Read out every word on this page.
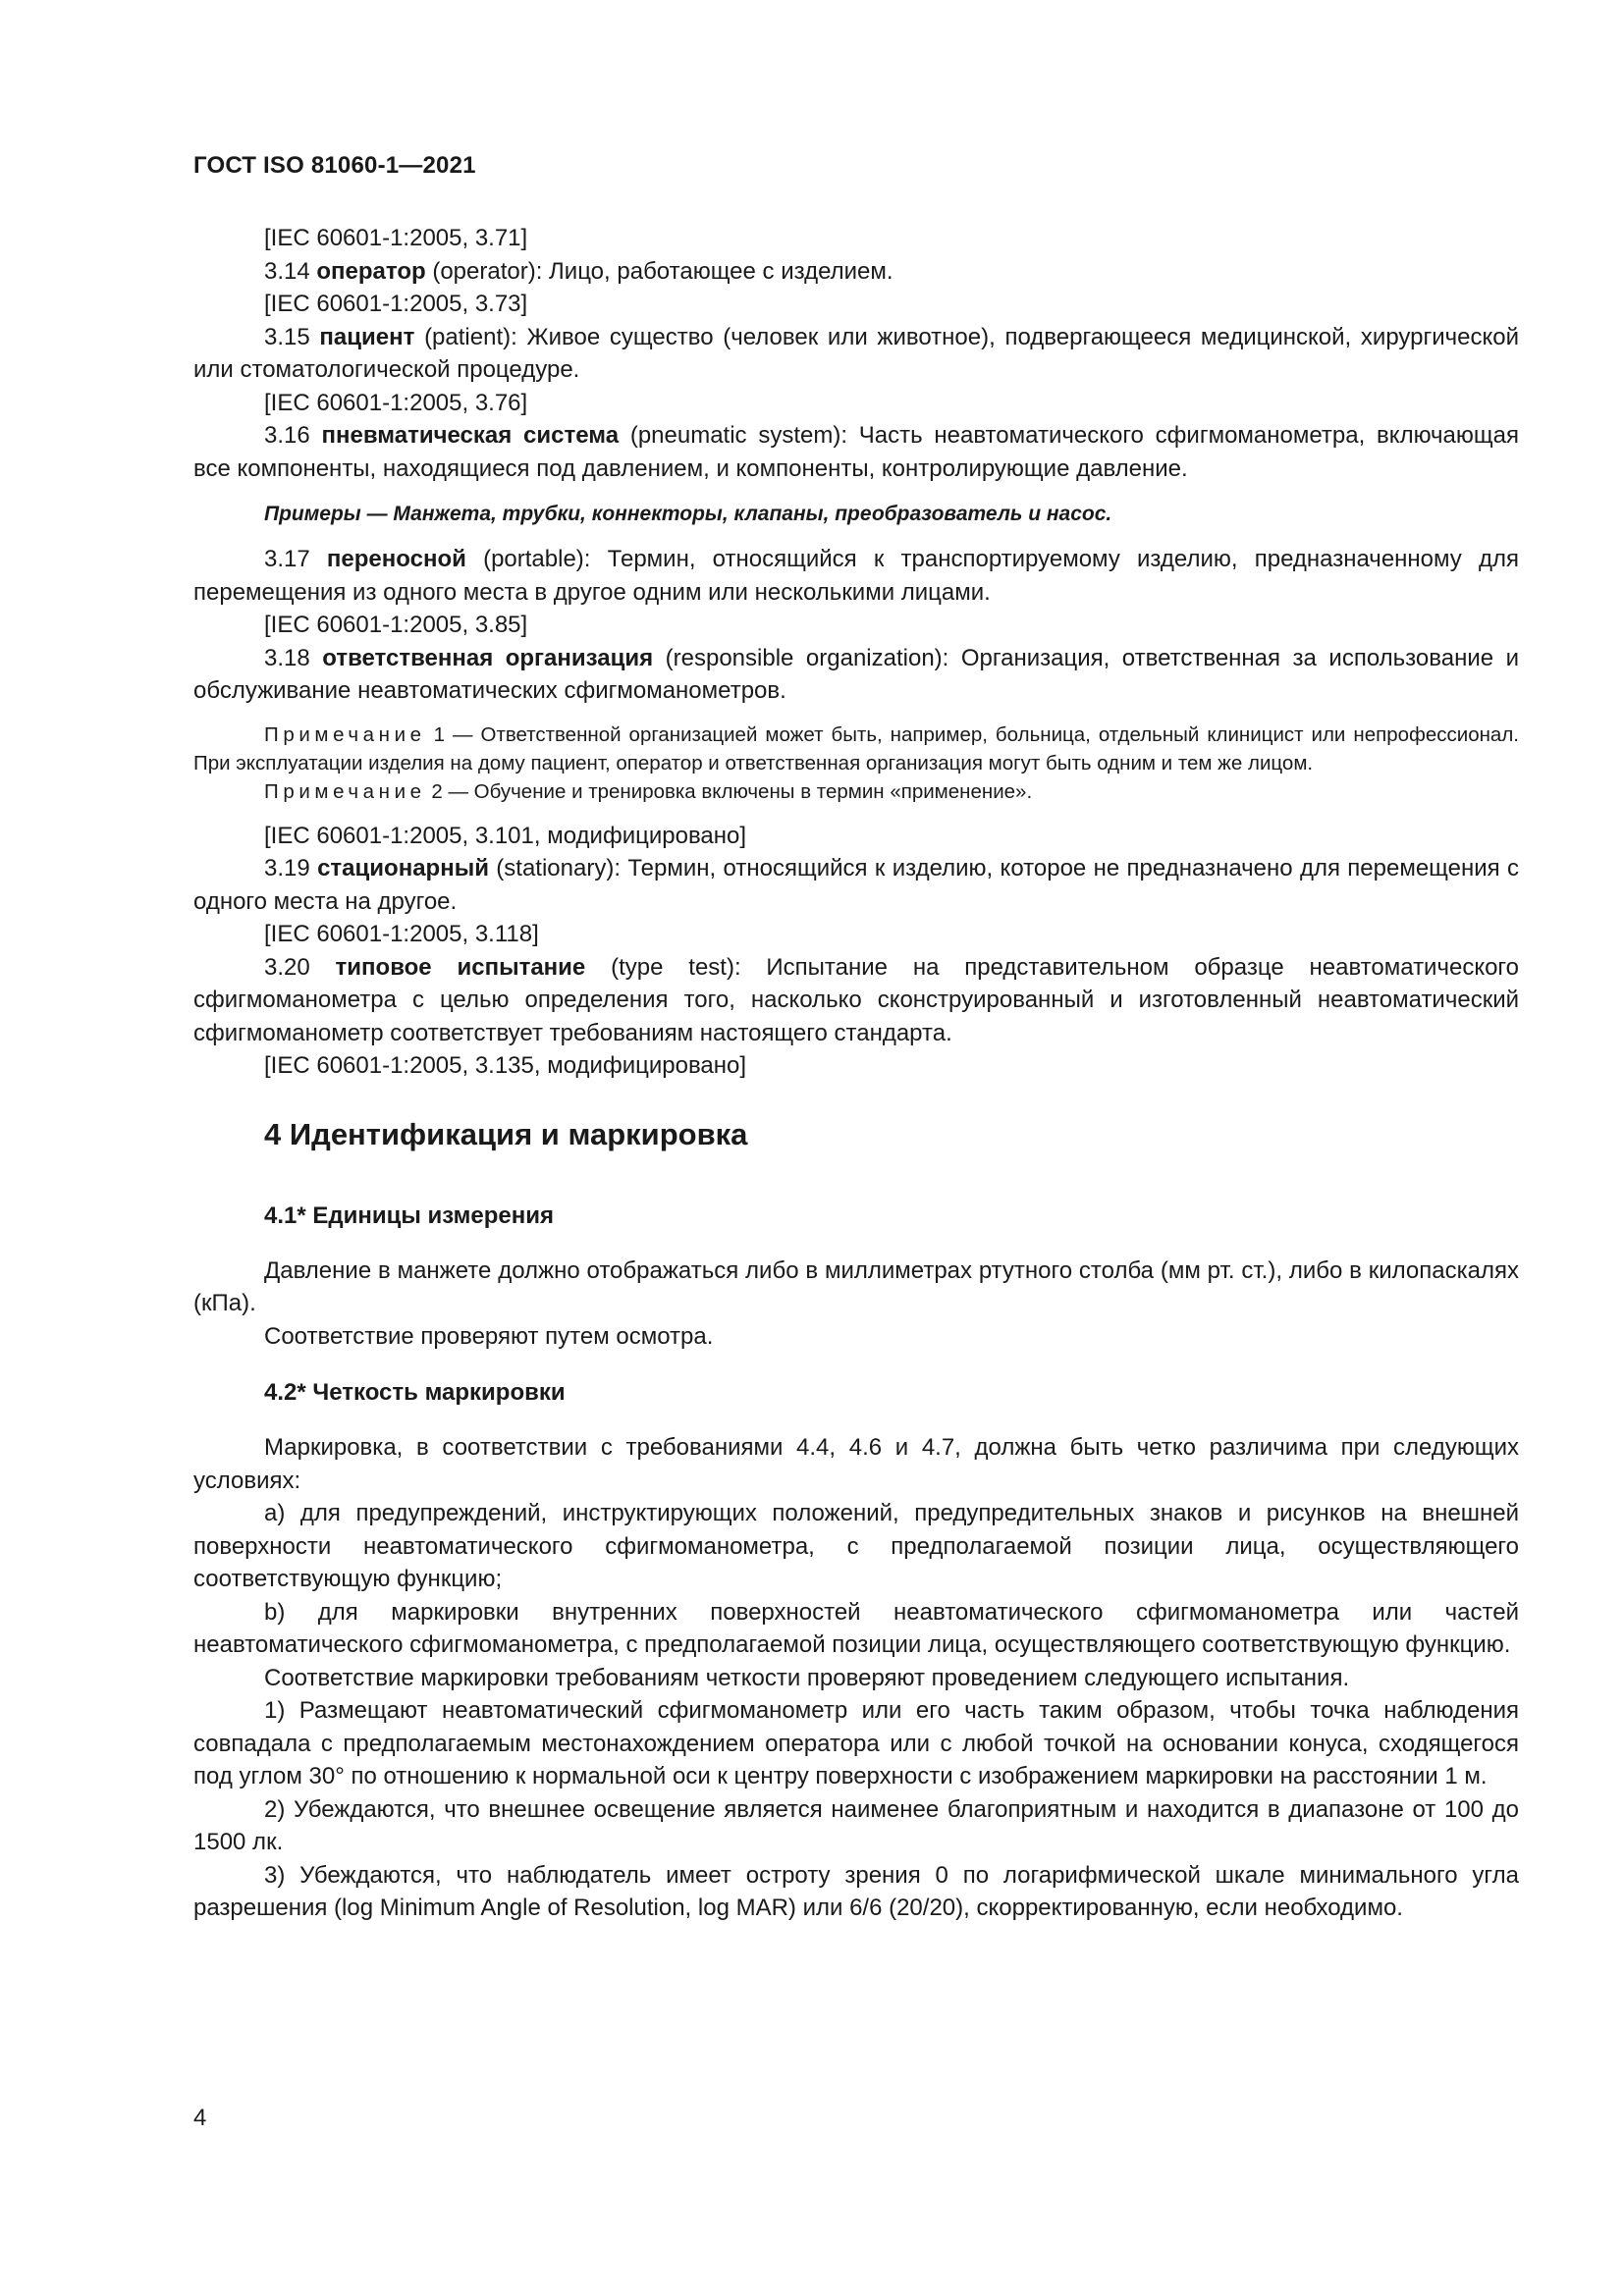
ГОСТ ISO 81060-1—2021

[IEC 60601-1:2005, 3.71]

3.14 оператор (operator): Лицо, работающее с изделием.

[IEC 60601-1:2005, 3.73]

3.15 пациент (patient): Живое существо (человек или животное), подвергающееся медицинской, хирургической или стоматологической процедуре.

[IEC 60601-1:2005, 3.76]

3.16 пневматическая система (pneumatic system): Часть неавтоматического сфигмоманометра, включающая все компоненты, находящиеся под давлением, и компоненты, контролирующие давление.

Примеры — Манжета, трубки, коннекторы, клапаны, преобразователь и насос.

3.17 переносной (portable): Термин, относящийся к транспортируемому изделию, предназначенному для перемещения из одного места в другое одним или несколькими лицами.

[IEC 60601-1:2005, 3.85]

3.18 ответственная организация (responsible organization): Организация, ответственная за использование и обслуживание неавтоматических сфигмоманометров.

Примечание 1 — Ответственной организацией может быть, например, больница, отдельный клиницист или непрофессионал. При эксплуатации изделия на дому пациент, оператор и ответственная организация могут быть одним и тем же лицом.

Примечание 2 — Обучение и тренировка включены в термин «применение».

[IEC 60601-1:2005, 3.101, модифицировано]

3.19 стационарный (stationary): Термин, относящийся к изделию, которое не предназначено для перемещения с одного места на другое.

[IEC 60601-1:2005, 3.118]

3.20 типовое испытание (type test): Испытание на представительном образце неавтоматического сфигмоманометра с целью определения того, насколько сконструированный и изготовленный неавтоматический сфигмоманометр соответствует требованиям настоящего стандарта.

[IEC 60601-1:2005, 3.135, модифицировано]

4 Идентификация и маркировка
4.1* Единицы измерения

Давление в манжете должно отображаться либо в миллиметрах ртутного столба (мм рт. ст.), либо в килопаскалях (кПа).

Соответствие проверяют путем осмотра.

4.2* Четкость маркировки

Маркировка, в соответствии с требованиями 4.4, 4.6 и 4.7, должна быть четко различима при следующих условиях:

a) для предупреждений, инструктирующих положений, предупредительных знаков и рисунков на внешней поверхности неавтоматического сфигмоманометра, с предполагаемой позиции лица, осуществляющего соответствующую функцию;

b) для маркировки внутренних поверхностей неавтоматического сфигмоманометра или частей неавтоматического сфигмоманометра, с предполагаемой позиции лица, осуществляющего соответствующую функцию.

Соответствие маркировки требованиям четкости проверяют проведением следующего испытания.

1) Размещают неавтоматический сфигмоманометр или его часть таким образом, чтобы точка наблюдения совпадала с предполагаемым местонахождением оператора или с любой точкой на основании конуса, сходящегося под углом 30° по отношению к нормальной оси к центру поверхности с изображением маркировки на расстоянии 1 м.

2) Убеждаются, что внешнее освещение является наименее благоприятным и находится в диапазоне от 100 до 1500 лк.

3) Убеждаются, что наблюдатель имеет остроту зрения 0 по логарифмической шкале минимального угла разрешения (log Minimum Angle of Resolution, log MAR) или 6/6 (20/20), скорректированную, если необходимо.

4
